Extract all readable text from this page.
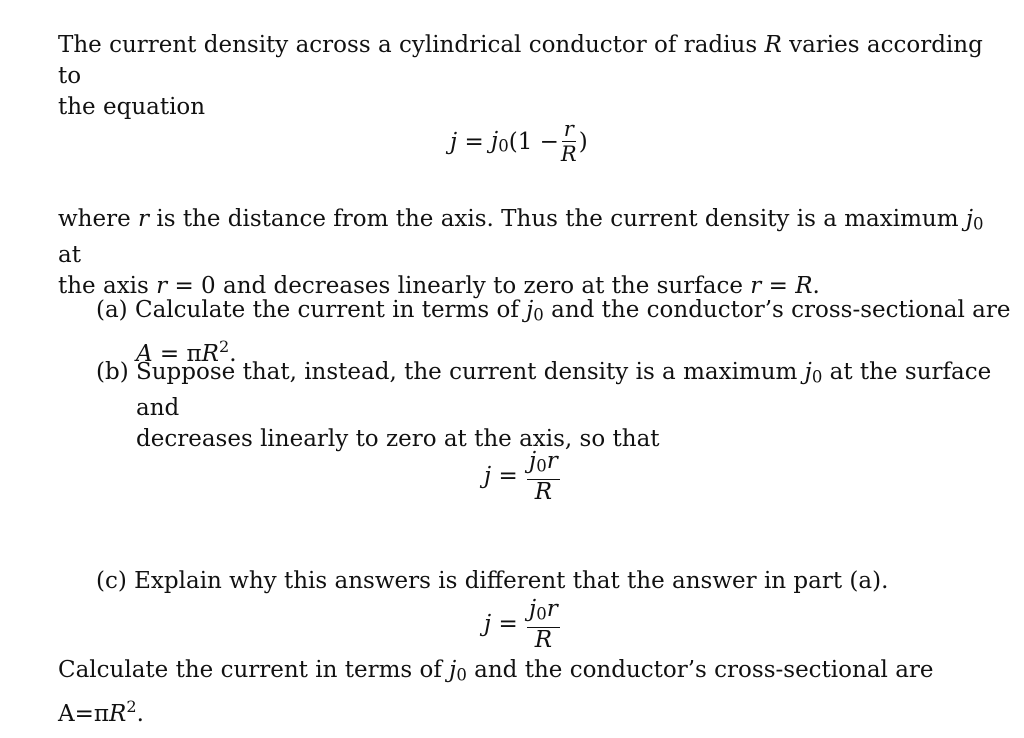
The current density across a cylindrical conductor of radius R varies according to
the equation

$j = j_0$ ($1 - \frac{r}{R}$ )

where r is the distance from the axis. Thus the current density is a maximum $j_0$ at
the axis r = 0 and decreases linearly to zero at the surface r = R.

(a) Calculate the current in terms of $j_0$ and the conductor’s cross-sectional are
$A = \pi R^2$.

(b) Suppose that, instead, the current density is a maximum $j_0$ at the surface and
decreases linearly to zero at the axis, so that

$j = \frac{j_0r}{R}$

(c) Explain why this answers is different that the answer in part (a).

$j = \frac{j_0r}{R}$

Calculate the current in terms of $j_0$ and the conductor’s cross-sectional are $A=\pi R^2$.
